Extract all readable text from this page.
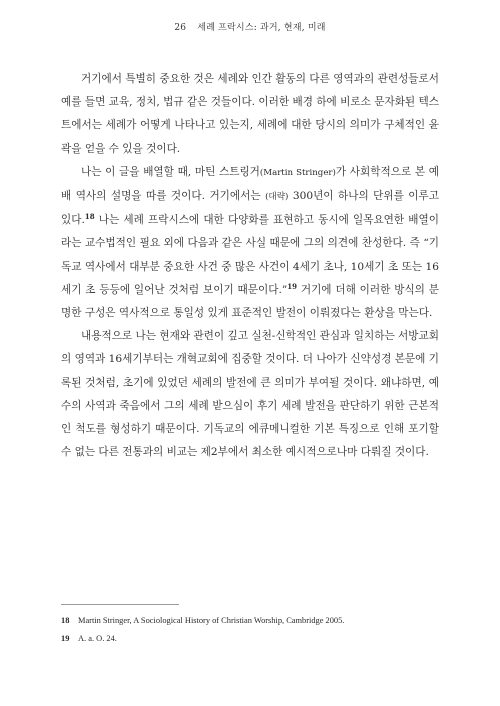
26 세례 프락시스: 과거, 현재, 미래

거기에서 특별히 중요한 것은 세례와 인간 활동의 다른 영역과의 관련성들로서 예를 들면 교육, 정치, 법규 같은 것들이다. 이러한 배경 하에 비로소 문자화된 텍스트에서는 세례가 어떻게 나타나고 있는지, 세례에 대한 당시의 의미가 구체적인 윤곽을 얻을 수 있을 것이다.

나는 이 글을 배열할 때, 마틴 스트링거(Martin Stringer)가 사회학적으로 본 예배 역사의 설명을 따를 것이다. 거기에서는 (대략) 300년이 하나의 단위를 이루고 있다.$^{18}$ 나는 세례 프락시스에 대한 다양화를 표현하고 동시에 일목요연한 배열이라는 교수법적인 필요 외에 다음과 같은 사실 때문에 그의 의견에 찬성한다. 즉 “기독교 역사에서 대부분 중요한 사건 중 많은 사건이 4세기 초나, 10세기 초 또는 16세기 초 등등에 일어난 것처럼 보이기 때문이다.”$^{19}$ 거기에 더해 이러한 방식의 분명한 구성은 역사적으로 통일성 있게 표준적인 발전이 이뤄졌다는 환상을 막는다.

내용적으로 나는 현재와 관련이 깊고 실천-신학적인 관심과 일치하는 서방교회의 영역과 16세기부터는 개혁교회에 집중할 것이다. 더 나아가 신약성경 본문에 기록된 것처럼, 초기에 있었던 세례의 발전에 큰 의미가 부여될 것이다. 왜냐하면, 예수의 사역과 죽음에서 그의 세례 받으심이 후기 세례 발전을 판단하기 위한 근본적인 척도를 형성하기 때문이다. 기독교의 에큐메니컬한 기본 특징으로 인해 포기할 수 없는 다른 전통과의 비교는 제2부에서 최소한 예시적으로나마 다뤄질 것이다.

18	Martin Stringer, A Sociological History of Christian Worship, Cambridge 2005.
19	A. a. O. 24.
